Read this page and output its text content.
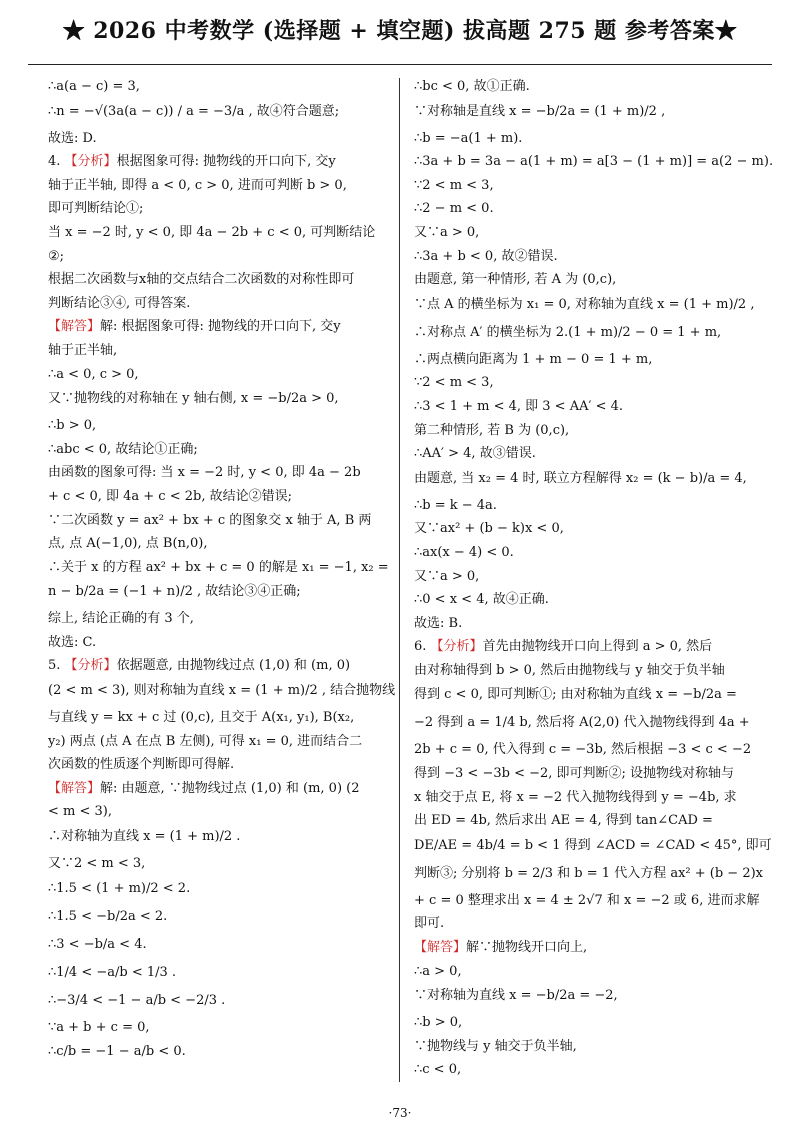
★ 2026 中考数学 (选择题 + 填空题) 拔高题 275 题 参考答案★
∴a(a − c) = 3,
∴n = −√(3a(a − c)) / a = −3/a , 故④符合题意;
故选: D.
4. 【分析】根据图象可得: 抛物线的开口向下, 交y
轴于正半轴, 即得 a < 0, c > 0, 进而可判断 b > 0,
即可判断结论①;
当 x = −2 时, y < 0, 即 4a − 2b + c < 0, 可判断结论
②;
根据二次函数与x轴的交点结合二次函数的对称性即可
判断结论③④, 可得答案.
【解答】解: 根据图象可得: 抛物线的开口向下, 交y
轴于正半轴,
∴a < 0, c > 0,
又∵抛物线的对称轴在 y 轴右侧, x = −b/2a > 0,
∴b > 0,
∴abc < 0, 故结论①正确;
由函数的图象可得: 当 x = −2 时, y < 0, 即 4a − 2b
+ c < 0, 即 4a + c < 2b, 故结论②错误;
∵二次函数 y = ax² + bx + c 的图象交 x 轴于 A, B 两
点, 点 A(−1,0), 点 B(n,0),
∴关于 x 的方程 ax² + bx + c = 0 的解是 x₁ = −1, x₂ =
n − b/2a = (−1 + n)/2 , 故结论③④正确;
综上, 结论正确的有 3 个,
故选: C.
5. 【分析】依据题意, 由抛物线过点 (1,0) 和 (m, 0)
(2 < m < 3), 则对称轴为直线 x = (1 + m)/2 , 结合抛物线
与直线 y = kx + c 过 (0,c), 且交于 A(x₁, y₁), B(x₂,
y₂) 两点 (点 A 在点 B 左侧), 可得 x₁ = 0, 进而结合二
次函数的性质逐个判断即可得解.
【解答】解: 由题意, ∵抛物线过点 (1,0) 和 (m, 0) (2
< m < 3),
∴对称轴为直线 x = (1 + m)/2 .
又∵2 < m < 3,
∴1.5 < (1 + m)/2 < 2.
∴1.5 < −b/2a < 2.
∴3 < −b/a < 4.
∴1/4 < −a/b < 1/3 .
∴−3/4 < −1 − a/b < −2/3 .
∵a + b + c = 0,
∴c/b = −1 − a/b < 0.
∴bc < 0, 故①正确.
∵对称轴是直线 x = −b/2a = (1 + m)/2 ,
∴b = −a(1 + m).
∴3a + b = 3a − a(1 + m) = a[3 − (1 + m)] = a(2 − m).
∵2 < m < 3,
∴2 − m < 0.
又∵a > 0,
∴3a + b < 0, 故②错误.
由题意, 第一种情形, 若 A 为 (0,c),
∵点 A 的横坐标为 x₁ = 0, 对称轴为直线 x = (1 + m)/2 ,
∴对称点 A′ 的横坐标为 2.(1 + m)/2 − 0 = 1 + m,
∴两点横向距离为 1 + m − 0 = 1 + m,
∵2 < m < 3,
∴3 < 1 + m < 4, 即 3 < AA′ < 4.
第二种情形, 若 B 为 (0,c),
∴AA′ > 4, 故③错误.
由题意, 当 x₂ = 4 时, 联立方程解得 x₂ = (k − b)/a = 4,
∴b = k − 4a.
又∵ax² + (b − k)x < 0,
∴ax(x − 4) < 0.
又∵a > 0,
∴0 < x < 4, 故④正确.
故选: B.
6. 【分析】首先由抛物线开口向上得到 a > 0, 然后
由对称轴得到 b > 0, 然后由抛物线与 y 轴交于负半轴
得到 c < 0, 即可判断①; 由对称轴为直线 x = −b/2a =
−2 得到 a = 1/4 b, 然后将 A(2,0) 代入抛物线得到 4a +
2b + c = 0, 代入得到 c = −3b, 然后根据 −3 < c < −2
得到 −3 < −3b < −2, 即可判断②; 设抛物线对称轴与
x 轴交于点 E, 将 x = −2 代入抛物线得到 y = −4b, 求
出 ED = 4b, 然后求出 AE = 4, 得到 tan∠CAD =
DE/AE = 4b/4 = b < 1 得到 ∠ACD = ∠CAD < 45°, 即可
判断③; 分别将 b = 2/3 和 b = 1 代入方程 ax² + (b − 2)x
+ c = 0 整理求出 x = 4 ± 2√7 和 x = −2 或 6, 进而求解
即可.
【解答】解∵抛物线开口向上,
∴a > 0,
∵对称轴为直线 x = −b/2a = −2,
∴b > 0,
∵抛物线与 y 轴交于负半轴,
∴c < 0,
·73·
